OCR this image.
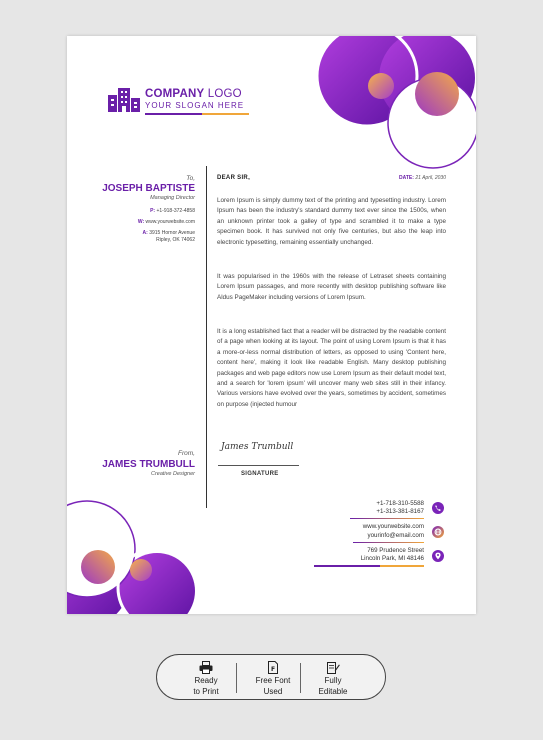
COMPANY LOGO
YOUR SLOGAN HERE
To,
JOSEPH BAPTISTE
Managing Director
P: +1-918-372-4858
W: www.yourwebsite.com
A: 3915 Hornor Avenue
Ripley, OK 74062
From,
JAMES TRUMBULL
Creative Designer
DEAR SIR,	DATE: 21 April, 2030
Lorem Ipsum is simply dummy text of the printing and typesetting industry. Lorem Ipsum has been the industry's standard dummy text ever since the 1500s, when an unknown printer took a galley of type and scrambled it to make a type specimen book. It has survived not only five centuries, but also the leap into electronic typesetting, remaining essentially unchanged.
It was popularised in the 1960s with the release of Letraset sheets containing Lorem Ipsum passages, and more recently with desktop publishing software like Aldus PageMaker including versions of Lorem Ipsum.
It is a long established fact that a reader will be distracted by the readable content of a page when looking at its layout. The point of using Lorem Ipsum is that it has a more-or-less normal distribution of letters, as opposed to using 'Content here, content here', making it look like readable English. Many desktop publishing packages and web page editors now use Lorem Ipsum as their default model text, and a search for 'lorem ipsum' will uncover many web sites still in their infancy. Various versions have evolved over the years, sometimes by accident, sometimes on purpose (injected humour
James Trumbull
SIGNATURE
+1-718-310-5588
+1-313-381-8167
www.yourwebsite.com
yourinfo@email.com
769 Prudence Street
Lincoln Park, MI 48146
Ready
to Print
F
Free Font
Used
Fully
Editable
